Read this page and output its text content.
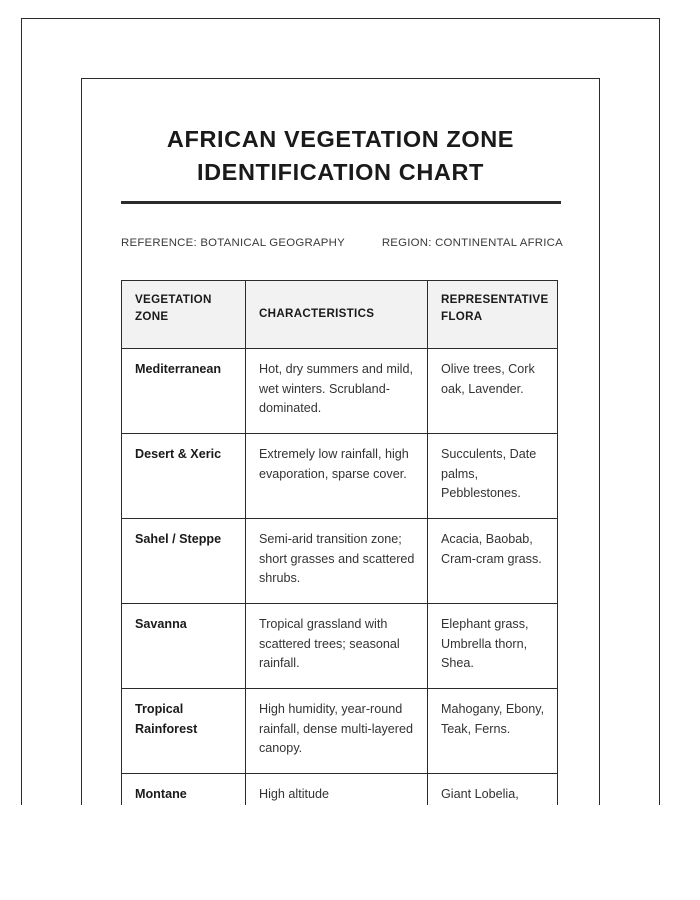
AFRICAN VEGETATION ZONE
IDENTIFICATION CHART
REFERENCE: BOTANICAL GEOGRAPHY	REGION: CONTINENTAL AFRICA
VEGETATION
ZONE	CHARACTERISTICS	REPRESENTATIVE
FLORA
Mediterranean	Hot, dry summers and mild, wet winters. Scrubland-dominated.	Olive trees, Cork oak, Lavender.
Desert & Xeric	Extremely low rainfall, high evaporation, sparse cover.	Succulents, Date palms, Pebblestones.
Sahel / Steppe	Semi-arid transition zone; short grasses and scattered shrubs.	Acacia, Baobab, Cram-cram grass.
Savanna	Tropical grassland with scattered trees; seasonal rainfall.	Elephant grass, Umbrella thorn, Shea.
Tropical Rainforest	High humidity, year-round rainfall, dense multi-layered canopy.	Mahogany, Ebony, Teak, Ferns.
Montane	High altitude	Giant Lobelia,
